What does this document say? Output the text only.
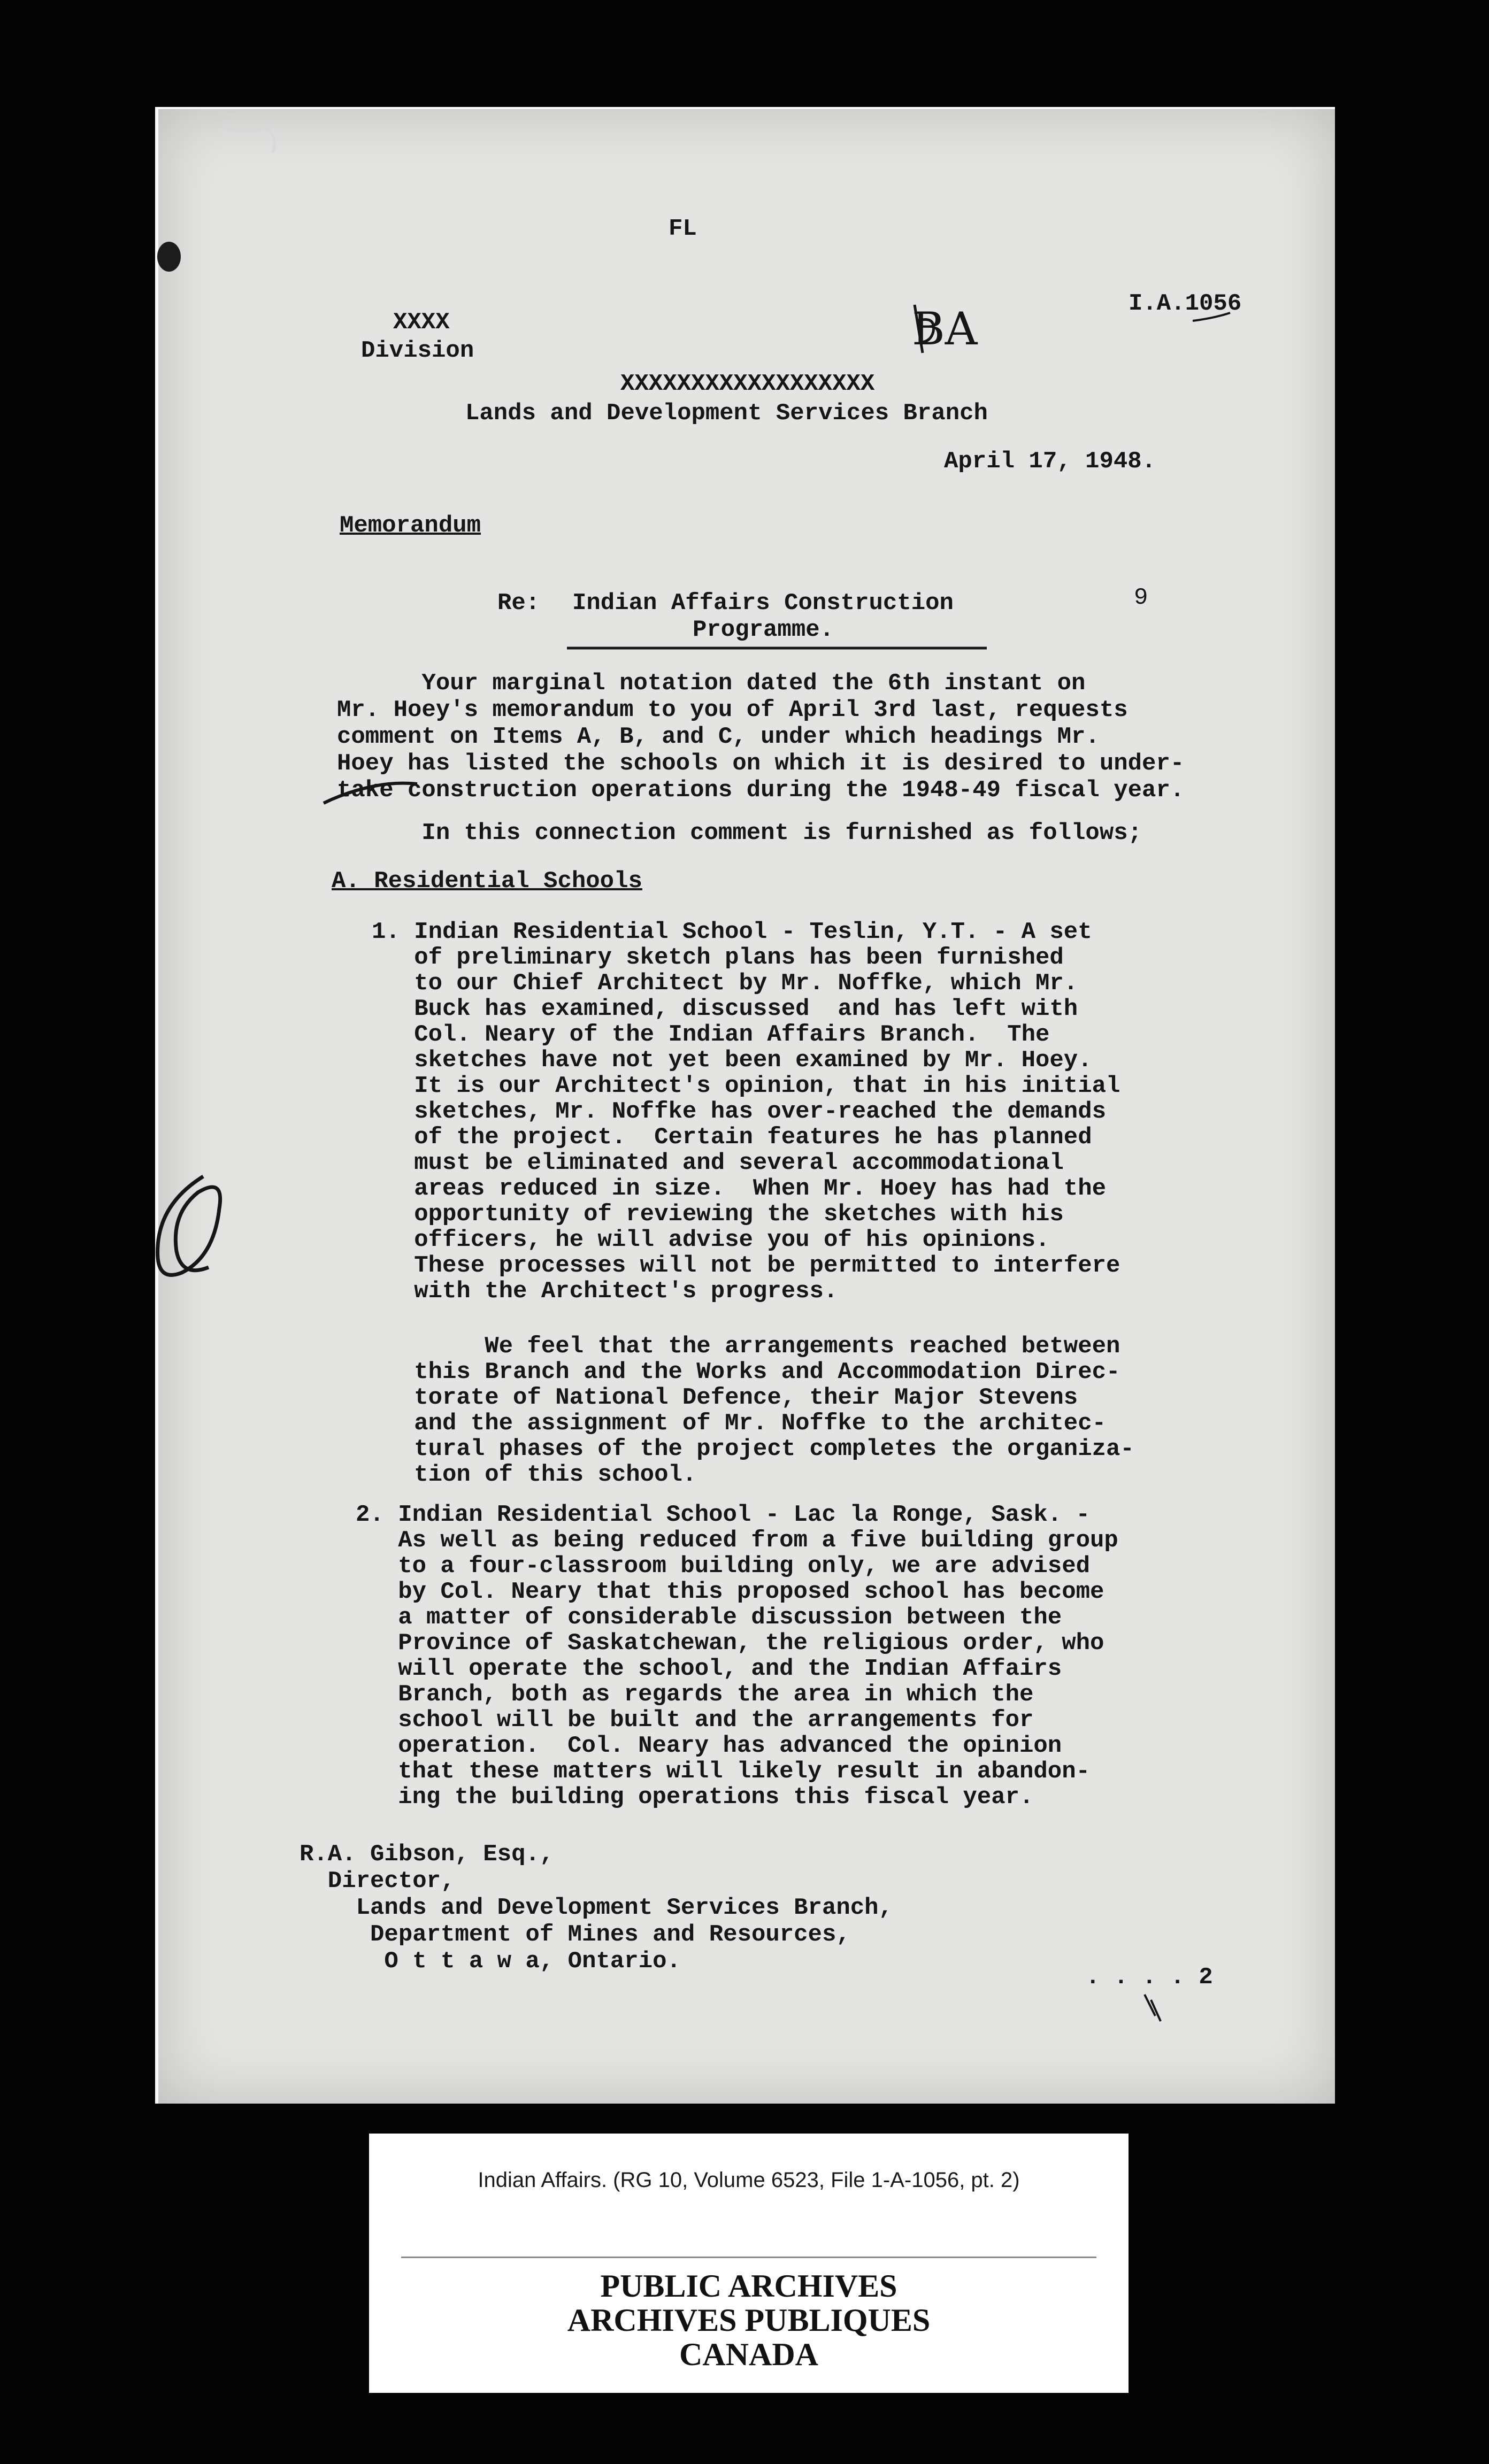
FL
I.A.1056
XXXX
Division	BA
XXXXXXXXXXXXXXXXXX
Lands and Development Services Branch
April 17, 1948.
Memorandum
Re: Indian Affairs Construction
Programme.
9

Your marginal notation dated the 6th instant on

Mr. Hoey's memorandum to you of April 3rd last, requests

comment on Items A, B, and C, under which headings Mr.

Hoey has listed the schools on which it is desired to under-

take construction operations during the 1948-49 fiscal year.

In this connection comment is furnished as follows;
A. Residential Schools

1. Indian Residential School - Teslin, Y.T. - A set

of preliminary sketch plans has been furnished

to our Chief Architect by Mr. Noffke, which Mr.

Buck has examined, discussed  and has left with

Col. Neary of the Indian Affairs Branch.  The

sketches have not yet been examined by Mr. Hoey.

It is our Architect's opinion, that in his initial

sketches, Mr. Noffke has over-reached the demands

of the project.  Certain features he has planned

must be eliminated and several accommodational

areas reduced in size.  When Mr. Hoey has had the

opportunity of reviewing the sketches with his

officers, he will advise you of his opinions.

These processes will not be permitted to interfere

with the Architect's progress.

We feel that the arrangements reached between

this Branch and the Works and Accommodation Direc-

torate of National Defence, their Major Stevens

and the assignment of Mr. Noffke to the architec-

tural phases of the project completes the organiza-

tion of this school.

2. Indian Residential School - Lac la Ronge, Sask. -

As well as being reduced from a five building group

to a four-classroom building only, we are advised

by Col. Neary that this proposed school has become

a matter of considerable discussion between the

Province of Saskatchewan, the religious order, who

will operate the school, and the Indian Affairs

Branch, both as regards the area in which the

school will be built and the arrangements for

operation.  Col. Neary has advanced the opinion

that these matters will likely result in abandon-

ing the building operations this fiscal year.

R.A. Gibson, Esq.,

Director,

Lands and Development Services Branch,

Department of Mines and Resources,

O t t a w a, Ontario.

. . . . 2
Indian Affairs. (RG 10, Volume 6523, File 1-A-1056, pt. 2)
PUBLIC ARCHIVES
ARCHIVES PUBLIQUES
CANADA
